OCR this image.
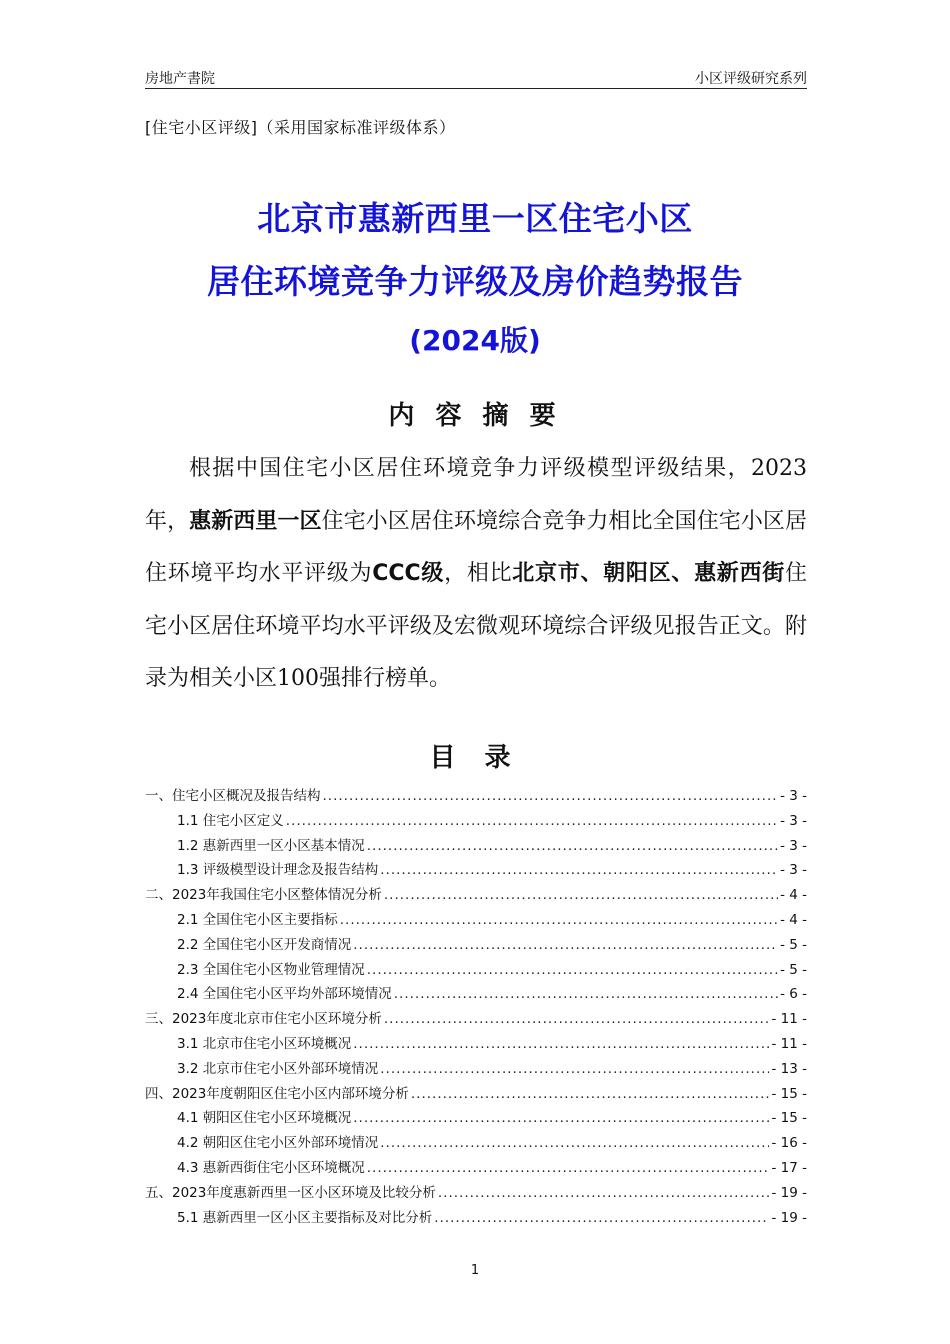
房地产書院	小区评级研究系列
[住宅小区评级]（采用国家标准评级体系）
北京市惠新西里一区住宅小区
居住环境竞争力评级及房价趋势报告
(2024版)
内 容 摘 要

根据中国住宅小区居住环境竞争力评级模型评级结果，2023年，惠新西里一区住宅小区居住环境综合竞争力相比全国住宅小区居住环境平均水平评级为CCC级，相比北京市、朝阳区、惠新西街住宅小区居住环境平均水平评级及宏微观环境综合评级见报告正文。附录为相关小区100强排行榜单。

目 录
一、住宅小区概况及报告结构 .....	- 3 -
1.1 住宅小区定义 .....	- 3 -
1.2 惠新西里一区小区基本情况 .....	- 3 -
1.3 评级模型设计理念及报告结构 .....	- 3 -
二、2023年我国住宅小区整体情况分析 .....	- 4 -
2.1 全国住宅小区主要指标 .....	- 4 -
2.2 全国住宅小区开发商情况 .....	- 5 -
2.3 全国住宅小区物业管理情况 .....	- 5 -
2.4 全国住宅小区平均外部环境情况 .....	- 6 -
三、2023年度北京市住宅小区环境分析 .....	- 11 -
3.1 北京市住宅小区环境概况 .....	- 11 -
3.2 北京市住宅小区外部环境情况 .....	- 13 -
四、2023年度朝阳区住宅小区内部环境分析 .....	- 15 -
4.1 朝阳区住宅小区环境概况 .....	- 15 -
4.2 朝阳区住宅小区外部环境情况 .....	- 16 -
4.3 惠新西街住宅小区环境概况 .....	- 17 -
五、2023年度惠新西里一区小区环境及比较分析 .....	- 19 -
5.1 惠新西里一区小区主要指标及对比分析 .....	- 19 -
1
